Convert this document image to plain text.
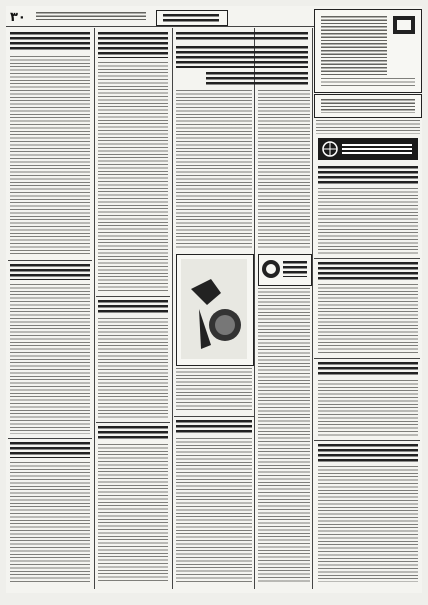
۳۰
